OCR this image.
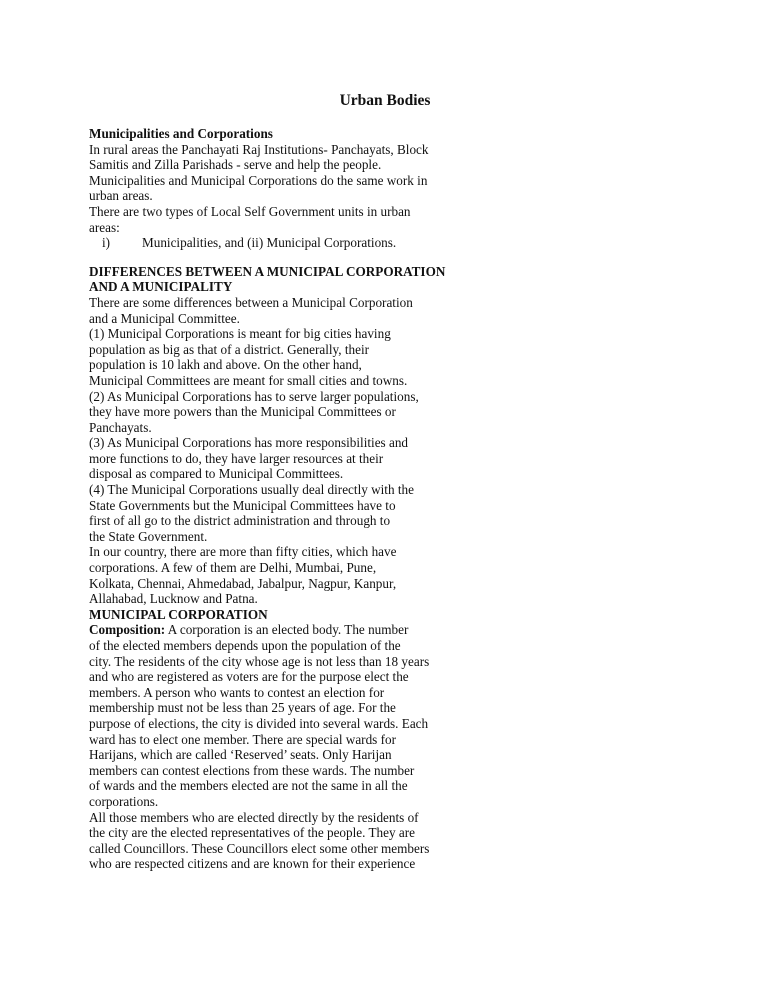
Urban Bodies
Municipalities and Corporations
In rural areas the Panchayati Raj Institutions- Panchayats, Block
Samitis and Zilla Parishads - serve and help the people.
Municipalities and Municipal Corporations do the same work in
urban areas.
There are two types of Local Self Government units in urban
areas:
i) Municipalities, and (ii) Municipal Corporations.
DIFFERENCES BETWEEN A MUNICIPAL CORPORATION
AND A MUNICIPALITY
There are some differences between a Municipal Corporation
and a Municipal Committee.
(1) Municipal Corporations is meant for big cities having
population as big as that of a district. Generally, their
population is 10 lakh and above. On the other hand,
Municipal Committees are meant for small cities and towns.
(2) As Municipal Corporations has to serve larger populations,
they have more powers than the Municipal Committees or
Panchayats.
(3) As Municipal Corporations has more responsibilities and
more functions to do, they have larger resources at their
disposal as compared to Municipal Committees.
(4) The Municipal Corporations usually deal directly with the
State Governments but the Municipal Committees have to
first of all go to the district administration and through to
the State Government.
In our country, there are more than fifty cities, which have
corporations. A few of them are Delhi, Mumbai, Pune,
Kolkata, Chennai, Ahmedabad, Jabalpur, Nagpur, Kanpur,
Allahabad, Lucknow and Patna.
MUNICIPAL CORPORATION
Composition: A corporation is an elected body. The number
of the elected members depends upon the population of the
city. The residents of the city whose age is not less than 18 years
and who are registered as voters are for the purpose elect the
members. A person who wants to contest an election for
membership must not be less than 25 years of age. For the
purpose of elections, the city is divided into several wards. Each
ward has to elect one member. There are special wards for
Harijans, which are called ‘Reserved’ seats. Only Harijan
members can contest elections from these wards. The number
of wards and the members elected are not the same in all the
corporations.
All those members who are elected directly by the residents of
the city are the elected representatives of the people. They are
called Councillors. These Councillors elect some other members
who are respected citizens and are known for their experience
